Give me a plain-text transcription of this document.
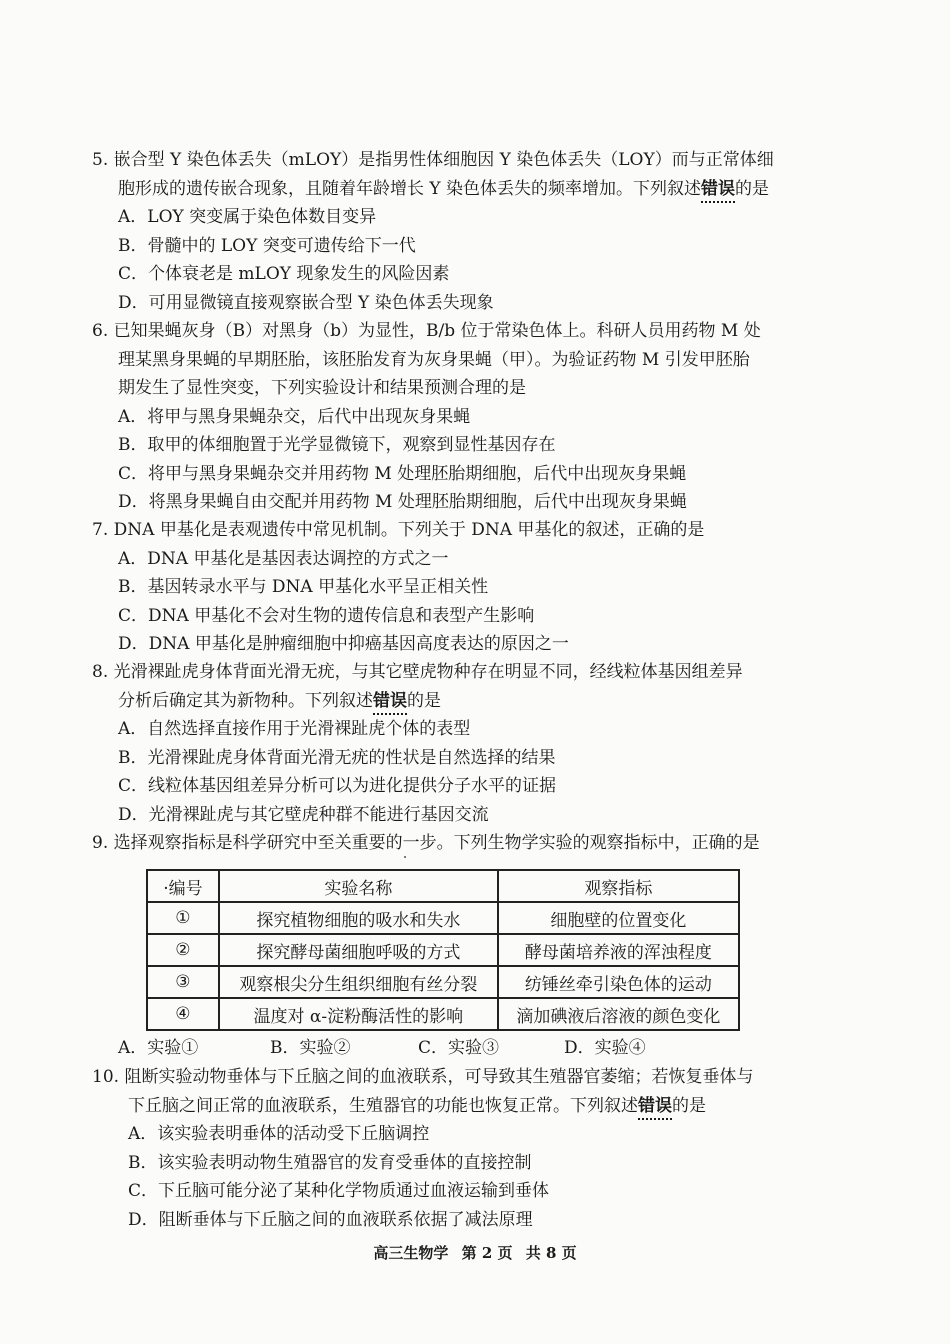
5. 嵌合型 Y 染色体丢失（mLOY）是指男性体细胞因 Y 染色体丢失（LOY）而与正常体细
胞形成的遗传嵌合现象，且随着年龄增长 Y 染色体丢失的频率增加。下列叙述错误的是
A．LOY 突变属于染色体数目变异
B．骨髓中的 LOY 突变可遗传给下一代
C．个体衰老是 mLOY 现象发生的风险因素
D．可用显微镜直接观察嵌合型 Y 染色体丢失现象
6. 已知果蝇灰身（B）对黑身（b）为显性，B/b 位于常染色体上。科研人员用药物 M 处
理某黑身果蝇的早期胚胎，该胚胎发育为灰身果蝇（甲）。为验证药物 M 引发甲胚胎
期发生了显性突变，下列实验设计和结果预测合理的是
A．将甲与黑身果蝇杂交，后代中出现灰身果蝇
B．取甲的体细胞置于光学显微镜下，观察到显性基因存在
C．将甲与黑身果蝇杂交并用药物 M 处理胚胎期细胞，后代中出现灰身果蝇
D．将黑身果蝇自由交配并用药物 M 处理胚胎期细胞，后代中出现灰身果蝇
7. DNA 甲基化是表观遗传中常见机制。下列关于 DNA 甲基化的叙述，正确的是
A．DNA 甲基化是基因表达调控的方式之一
B．基因转录水平与 DNA 甲基化水平呈正相关性
C．DNA 甲基化不会对生物的遗传信息和表型产生影响
D．DNA 甲基化是肿瘤细胞中抑癌基因高度表达的原因之一
8. 光滑裸趾虎身体背面光滑无疣，与其它壁虎物种存在明显不同，经线粒体基因组差异
分析后确定其为新物种。下列叙述错误的是
A．自然选择直接作用于光滑裸趾虎个体的表型
B．光滑裸趾虎身体背面光滑无疣的性状是自然选择的结果
C．线粒体基因组差异分析可以为进化提供分子水平的证据
D．光滑裸趾虎与其它壁虎种群不能进行基因交流
9. 选择观察指标是科学研究中至关重要的一步。下列生物学实验的观察指标中，正确的是
·编号	实验名称	观察指标
①	探究植物细胞的吸水和失水	细胞壁的位置变化
②	探究酵母菌细胞呼吸的方式	酵母菌培养液的浑浊程度
③	观察根尖分生组织细胞有丝分裂	纺锤丝牵引染色体的运动
④	温度对 α-淀粉酶活性的影响	滴加碘液后溶液的颜色变化
A．实验①	B．实验②	C．实验③	D．实验④
10. 阻断实验动物垂体与下丘脑之间的血液联系，可导致其生殖器官萎缩；若恢复垂体与
下丘脑之间正常的血液联系，生殖器官的功能也恢复正常。下列叙述错误的是
A．该实验表明垂体的活动受下丘脑调控
B．该实验表明动物生殖器官的发育受垂体的直接控制
C．下丘脑可能分泌了某种化学物质通过血液运输到垂体
D．阻断垂体与下丘脑之间的血液联系依据了减法原理
高三生物学 第 2 页 共 8 页
